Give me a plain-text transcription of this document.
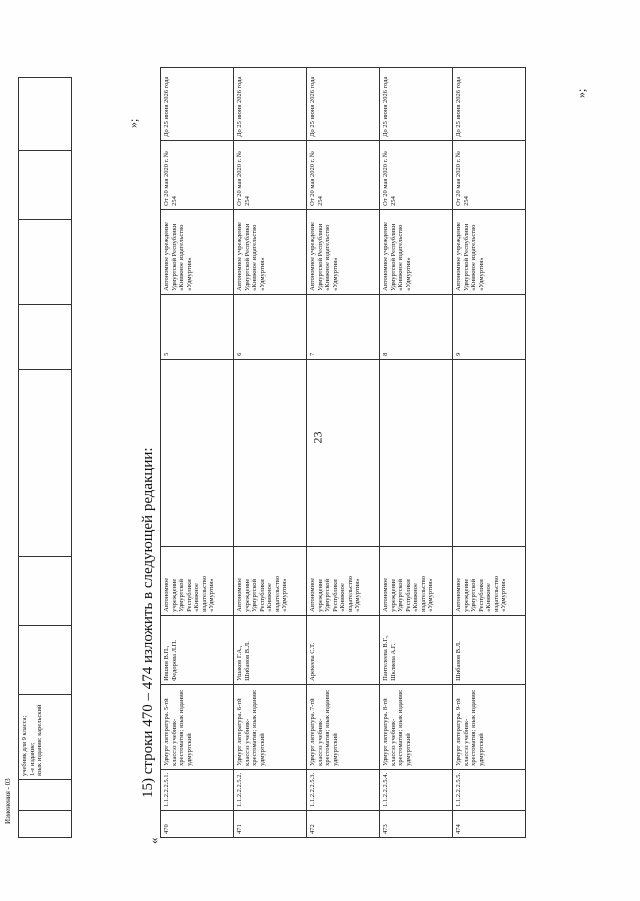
23
Изменения - 03

учебник для 9 класса; 1-е издание; язык издания: карельский

«
15) строки 470 – 474 изложить в следующей редакции:
»;
470	1.1.2.2.2.5.1.	Удмурт литература. 5-тӥ классэз учебник-хрестоматия; язык издания: удмуртский	Ившин В.П., Федорова Л.П.	Автономное учреждение Удмуртской Республики «Книжное издательство «Удмуртия»		5	Автономное учреждение Удмуртской Республики «Книжное издательство «Удмуртия»	От 20 мая 2020 г. № 254	До 25 июня 2026 года
471	1.1.2.2.2.5.2.	Удмурт литература. 6-тӥ классэз учебник-хрестоматия; язык издания: удмуртский	Ушаков Г.А., Шибанов В.Л.	Автономное учреждение Удмуртской Республики «Книжное издательство «Удмуртия»		6	Автономное учреждение Удмуртской Республики «Книжное издательство «Удмуртия»	От 20 мая 2020 г. № 254	До 25 июня 2026 года
472	1.1.2.2.2.5.3.	Удмурт литература. 7-тӥ классэз учебник-хрестоматия; язык издания: удмуртский	Арекеева С.Т.	Автономное учреждение Удмуртской Республики «Книжное издательство «Удмуртия»		7	Автономное учреждение Удмуртской Республики «Книжное издательство «Удмуртия»	От 20 мая 2020 г. № 254	До 25 июня 2026 года
473	1.1.2.2.2.5.4.	Удмурт литература. 8-тӥ классэз учебник-хрестоматия; язык издания: удмуртский	Пантелеева В.Г., Шкляева А.Г.	Автономное учреждение Удмуртской Республики «Книжное издательство «Удмуртия»		8	Автономное учреждение Удмуртской Республики «Книжное издательство «Удмуртия»	От 20 мая 2020 г. № 254	До 25 июня 2026 года
474	1.1.2.2.2.5.5.	Удмурт литература. 9-тӥ классэз учебник-хрестоматия; язык издания: удмуртский	Шибанов В.Л.	Автономное учреждение Удмуртской Республики «Книжное издательство «Удмуртия»		9	Автономное учреждение Удмуртской Республики «Книжное издательство «Удмуртия»	От 20 мая 2020 г. № 254	До 25 июня 2026 года	»;
